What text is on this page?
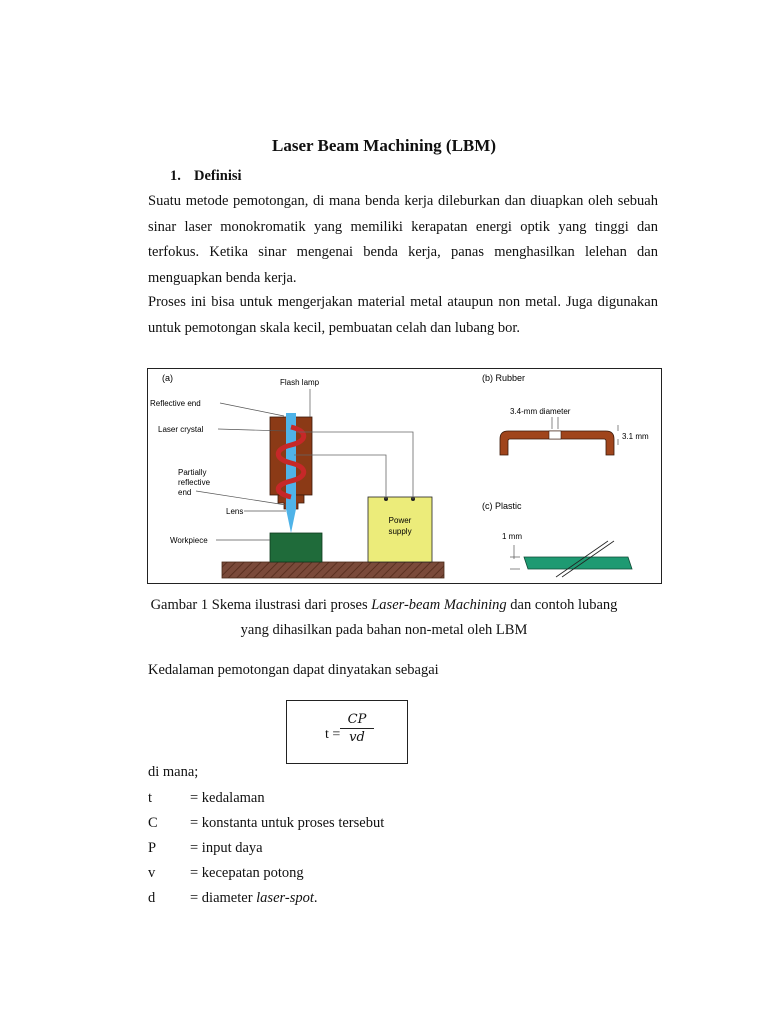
Laser Beam Machining (LBM)
1. Definisi
Suatu metode pemotongan, di mana benda kerja dileburkan dan diuapkan oleh sebuah sinar laser monokromatik yang memiliki kerapatan energi optik yang tinggi dan terfokus. Ketika sinar mengenai benda kerja, panas menghasilkan lelehan dan menguapkan benda kerja.
Proses ini bisa untuk mengerjakan material metal ataupun non metal. Juga digunakan untuk pemotongan skala kecil, pembuatan celah dan lubang bor.
(a)	(b) Rubber
(c) Plastic
Power
supply
Flash lamp
Reflective end
Laser crystal
Partially
reflective
end
Lens
Workpiece
3.4-mm diameter
3.1 mm
1 mm
Gambar 1 Skema ilustrasi dari proses Laser-beam Machining dan contoh lubang
yang dihasilkan pada bahan non-metal oleh LBM
Kedalaman pemotongan dapat dinyatakan sebagai
t =
CP
vd
di mana;
t	= kedalaman
C = konstanta untuk proses tersebut
P = input daya
v = kecepatan potong
d = diameter laser-spot.
